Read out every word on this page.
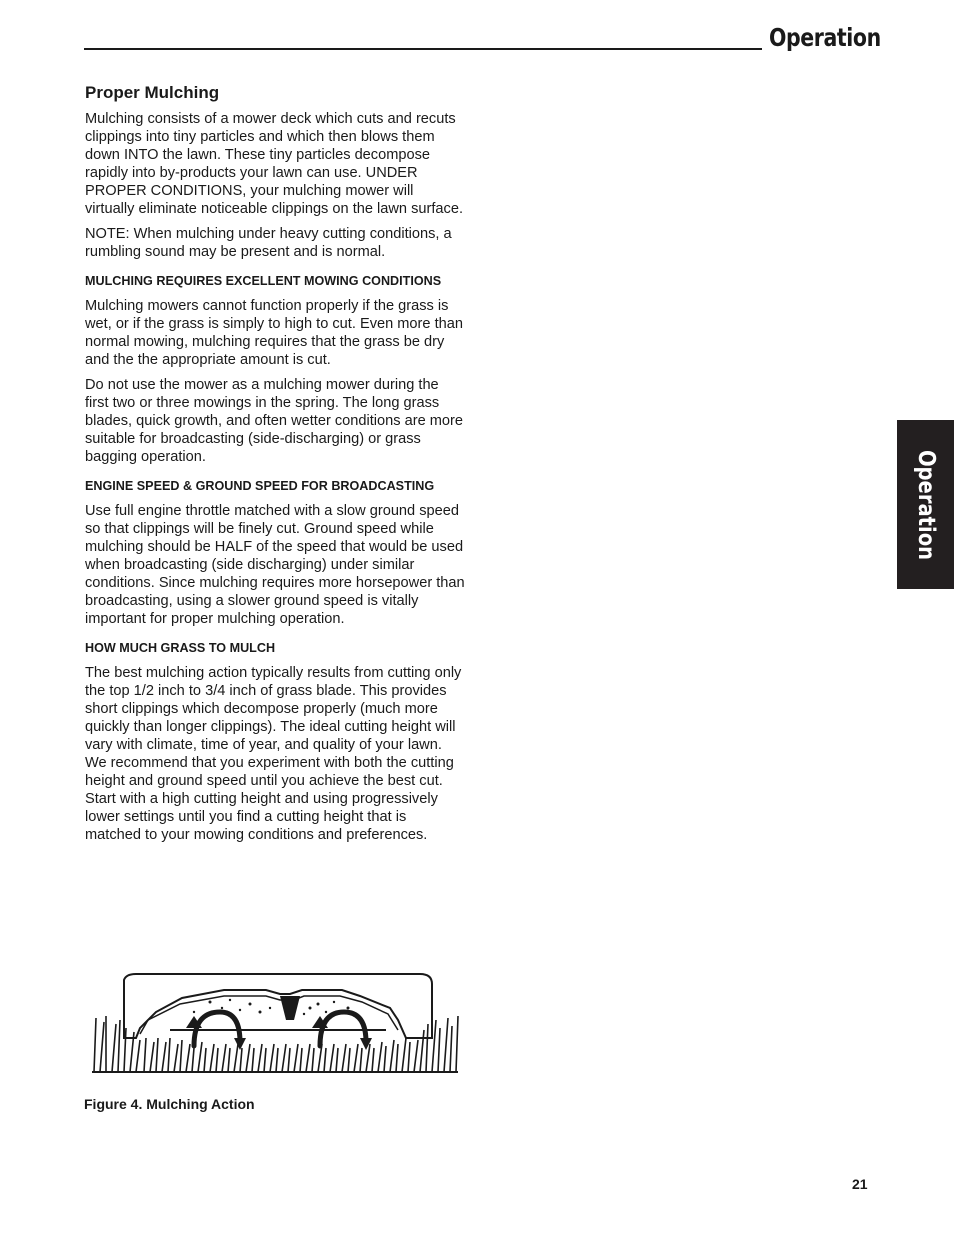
Operation
Operation
Proper Mulching

Mulching consists of a mower deck which cuts and recuts clippings into tiny particles and which then blows them down INTO the lawn. These tiny particles decompose rapidly into by-products your lawn can use. UNDER PROPER CONDITIONS, your mulching mower will virtually eliminate noticeable clippings on the lawn surface.

NOTE: When mulching under heavy cutting conditions, a rumbling sound may be present and is normal.

MULCHING REQUIRES EXCELLENT MOWING CONDITIONS

Mulching mowers cannot function properly if the grass is wet, or if the grass is simply to high to cut. Even more than normal mowing, mulching requires that the grass be dry and the the appropriate amount is cut.

Do not use the mower as a mulching mower during the first two or three mowings in the spring. The long grass blades, quick growth, and often wetter conditions are more suitable for broadcasting (side-discharging) or grass bagging operation.

ENGINE SPEED & GROUND SPEED FOR BROADCASTING

Use full engine throttle matched with a slow ground speed so that clippings will be finely cut. Ground speed while mulching should be HALF of the speed that would be used when broadcasting (side discharging) under similar conditions. Since mulching requires more horsepower than broadcasting, using a slower ground speed is vitally important for proper mulching operation.

HOW MUCH GRASS TO MULCH

The best mulching action typically results from cutting only the top 1/2 inch to 3/4 inch of grass blade. This provides short clippings which decompose properly (much more quickly than longer clippings). The ideal cutting height will vary with climate, time of year, and quality of your lawn. We recommend that you experiment with both the cutting height and ground speed until you achieve the best cut. Start with a high cutting height and using progressively lower settings until you find a cutting height that is matched to your mowing conditions and preferences.

Figure 4. Mulching Action
21
